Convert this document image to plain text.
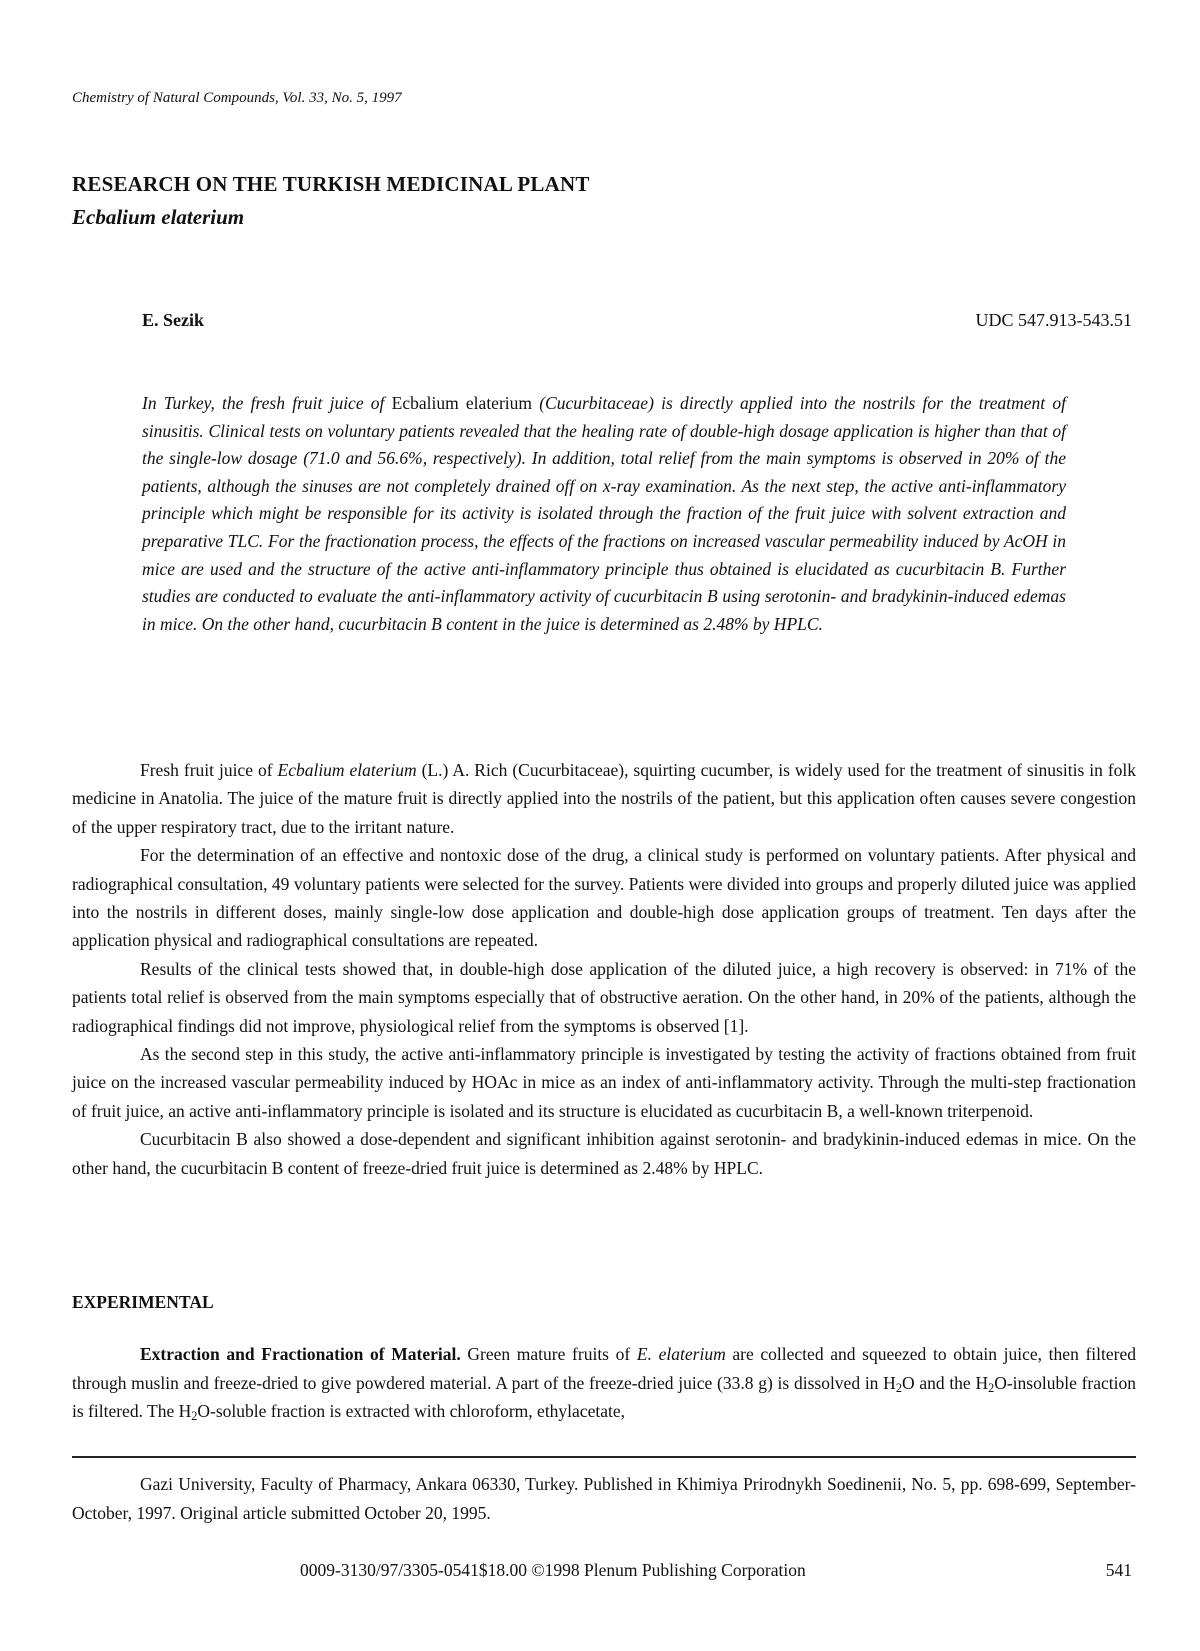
Chemistry of Natural Compounds, Vol. 33, No. 5, 1997
RESEARCH ON THE TURKISH MEDICINAL PLANT
Ecbalium elaterium
E. Sezik	UDC 547.913-543.51

In Turkey, the fresh fruit juice of Ecbalium elaterium (Cucurbitaceae) is directly applied into the nostrils for the treatment of sinusitis. Clinical tests on voluntary patients revealed that the healing rate of double-high dosage application is higher than that of the single-low dosage (71.0 and 56.6%, respectively). In addition, total relief from the main symptoms is observed in 20% of the patients, although the sinuses are not completely drained off on x-ray examination. As the next step, the active anti-inflammatory principle which might be responsible for its activity is isolated through the fraction of the fruit juice with solvent extraction and preparative TLC. For the fractionation process, the effects of the fractions on increased vascular permeability induced by AcOH in mice are used and the structure of the active anti-inflammatory principle thus obtained is elucidated as cucurbitacin B. Further studies are conducted to evaluate the anti-inflammatory activity of cucurbitacin B using serotonin- and bradykinin-induced edemas in mice. On the other hand, cucurbitacin B content in the juice is determined as 2.48% by HPLC.

Fresh fruit juice of Ecbalium elaterium (L.) A. Rich (Cucurbitaceae), squirting cucumber, is widely used for the treatment of sinusitis in folk medicine in Anatolia. The juice of the mature fruit is directly applied into the nostrils of the patient, but this application often causes severe congestion of the upper respiratory tract, due to the irritant nature.

For the determination of an effective and nontoxic dose of the drug, a clinical study is performed on voluntary patients. After physical and radiographical consultation, 49 voluntary patients were selected for the survey. Patients were divided into groups and properly diluted juice was applied into the nostrils in different doses, mainly single-low dose application and double-high dose application groups of treatment. Ten days after the application physical and radiographical consultations are repeated.

Results of the clinical tests showed that, in double-high dose application of the diluted juice, a high recovery is observed: in 71% of the patients total relief is observed from the main symptoms especially that of obstructive aeration. On the other hand, in 20% of the patients, although the radiographical findings did not improve, physiological relief from the symptoms is observed [1].

As the second step in this study, the active anti-inflammatory principle is investigated by testing the activity of fractions obtained from fruit juice on the increased vascular permeability induced by HOAc in mice as an index of anti-inflammatory activity. Through the multi-step fractionation of fruit juice, an active anti-inflammatory principle is isolated and its structure is elucidated as cucurbitacin B, a well-known triterpenoid.

Cucurbitacin B also showed a dose-dependent and significant inhibition against serotonin- and bradykinin-induced edemas in mice. On the other hand, the cucurbitacin B content of freeze-dried fruit juice is determined as 2.48% by HPLC.

EXPERIMENTAL

Extraction and Fractionation of Material. Green mature fruits of E. elaterium are collected and squeezed to obtain juice, then filtered through muslin and freeze-dried to give powdered material. A part of the freeze-dried juice (33.8 g) is dissolved in $H_2O$ and the $H_2O$-insoluble fraction is filtered. The $H_2O$-soluble fraction is extracted with chloroform, ethylacetate,

Gazi University, Faculty of Pharmacy, Ankara 06330, Turkey. Published in Khimiya Prirodnykh Soedinenii, No. 5, pp. 698-699, September-October, 1997. Original article submitted October 20, 1995.

0009-3130/97/3305-0541$18.00 ©1998 Plenum Publishing Corporation	541
